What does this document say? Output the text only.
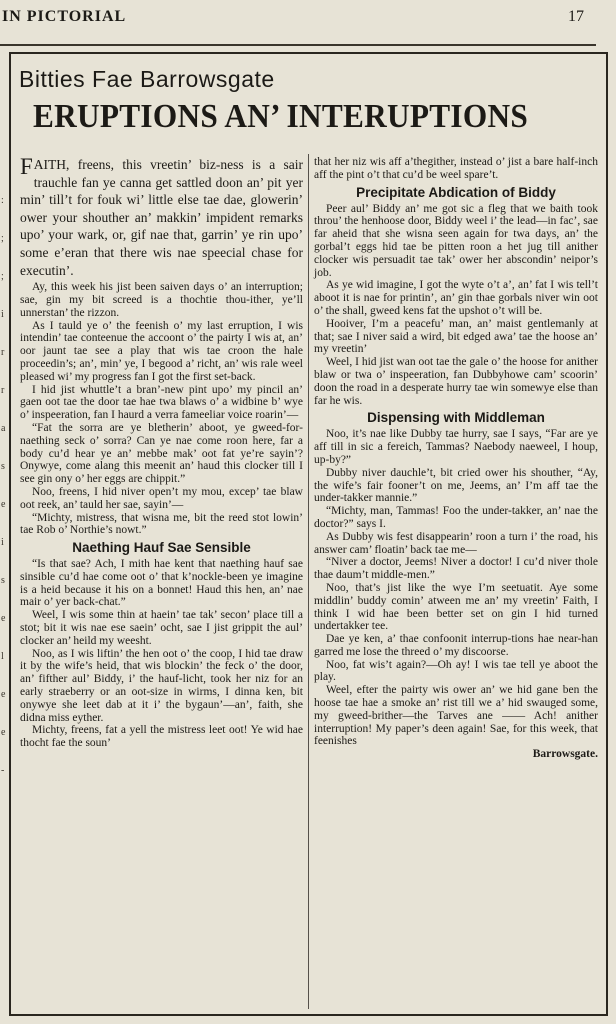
IN PICTORIAL	17
:
;
;
i
r
r
a
s
e
i
s
e
l
e
e
-
Bitties Fae Barrowsgate
ERUPTIONS AN’ INTERUPTIONS

FAITH, freens, this vreetin’ biz-ness is a sair trauchle fan ye canna get sattled doon an’ pit yer min’ till’t for fouk wi’ little else tae dae, glowerin’ ower your shouther an’ makkin’ impident remarks upo’ your wark, or, gif nae that, garrin’ ye rin upo’ some e’eran that there wis nae speecial chase for executin’.

Ay, this week his jist been saiven days o’ an interruption; sae, gin my bit screed is a thochtie thou-ither, ye’ll unnerstan’ the rizzon.

As I tauld ye o’ the feenish o’ my last erruption, I wis intendin’ tae conteenue the accoont o’ the pairty I wis at, an’ oor jaunt tae see a play that wis tae croon the hale proceedin’s; an’, min’ ye, I begood a’ richt, an’ wis rale weel pleased wi’ my progress fan I got the first set-back.

I hid jist whuttle’t a bran’-new pint upo’ my pincil an’ gaen oot tae the door tae hae twa blaws o’ a widbine b’ wye o’ inspeeration, fan I haurd a verra fameeliar voice roarin’—

“Fat the sorra are ye bletherin’ aboot, ye gweed-for-naething seck o’ sorra? Can ye nae come roon here, far a body cu’d hear ye an’ mebbe mak’ oot fat ye’re sayin’? Onywye, come alang this meenit an’ haud this clocker till I see gin ony o’ her eggs are chippit.”

Noo, freens, I hid niver open’t my mou, excep’ tae blaw oot reek, an’ tauld her sae, sayin’—

“Michty, mistress, that wisna me, bit the reed stot lowin’ tae Rob o’ Northie’s nowt.”

Naething Hauf Sae Sensible

“Is that sae? Ach, I mith hae kent that naething hauf sae sinsible cu’d hae come oot o’ that k’nockle-been ye imagine is a heid because it his on a bonnet! Haud this hen, an’ nae mair o’ yer back-chat.”

Weel, I wis some thin at haein’ tae tak’ secon’ place till a stot; bit it wis nae ese saein’ ocht, sae I jist grippit the aul’ clocker an’ heild my weesht.

Noo, as I wis liftin’ the hen oot o’ the coop, I hid tae draw it by the wife’s heid, that wis blockin’ the feck o’ the door, an’ fifther aul’ Biddy, i’ the hauf-licht, took her niz for an early straeberry or an oot-size in wirms, I dinna ken, bit onywye she leet dab at it i’ the bygaun’—an’, faith, she didna miss eyther.

Michty, freens, fat a yell the mistress leet oot! Ye wid hae thocht fae the soun’

that her niz wis aff a’thegither, instead o’ jist a bare half-inch aff the pint o’t that cu’d be weel spare’t.

Precipitate Abdication of Biddy

Peer aul’ Biddy an’ me got sic a fleg that we baith took throu’ the henhoose door, Biddy weel i’ the lead—in fac’, sae far aheid that she wisna seen again for twa days, an’ the gorbal’t eggs hid tae be pitten roon a het jug till anither clocker wis persuadit tae tak’ ower her abscondin’ neipor’s job.

As ye wid imagine, I got the wyte o’t a’, an’ fat I wis tell’t aboot it is nae for printin’, an’ gin thae gorbals niver win oot o’ the shall, gweed kens fat the upshot o’t will be.

Hooiver, I’m a peacefu’ man, an’ maist gentlemanly at that; sae I niver said a wird, bit edged awa’ tae the hoose an’ my vreetin’

Weel, I hid jist wan oot tae the gale o’ the hoose for anither blaw or twa o’ inspeeration, fan Dubbyhowe cam’ scoorin’ doon the road in a desperate hurry tae win somewye else than far he wis.

Dispensing with Middleman

Noo, it’s nae like Dubby tae hurry, sae I says, “Far are ye aff till in sic a fereich, Tammas? Naebody naeweel, I houp, up-by?”

Dubby niver dauchle’t, bit cried ower his shouther, “Ay, the wife’s fair fooner’t on me, Jeems, an’ I’m aff tae the under-takker mannie.”

“Michty, man, Tammas! Foo the under-takker, an’ nae the doctor?” says I.

As Dubby wis fest disappearin’ roon a turn i’ the road, his answer cam’ floatin’ back tae me—

“Niver a doctor, Jeems! Niver a doctor! I cu’d niver thole thae daum’t middle-men.”

Noo, that’s jist like the wye I’m seetuatit. Aye some middlin’ buddy comin’ atween me an’ my vreetin’ Faith, I think I wid hae been better set on gin I hid turned undertakker tee.

Dae ye ken, a’ thae confoonit interrup-tions hae near-han garred me lose the threed o’ my discoorse.

Noo, fat wis’t again?—Oh ay! I wis tae tell ye aboot the play.

Weel, efter the pairty wis ower an’ we hid gane ben the hoose tae hae a smoke an’ rist till we a’ hid swauged some, my gweed-brither—the Tarves ane —— Ach! anither interruption! My paper’s deen again! Sae, for this week, that feenishes

Barrowsgate.
